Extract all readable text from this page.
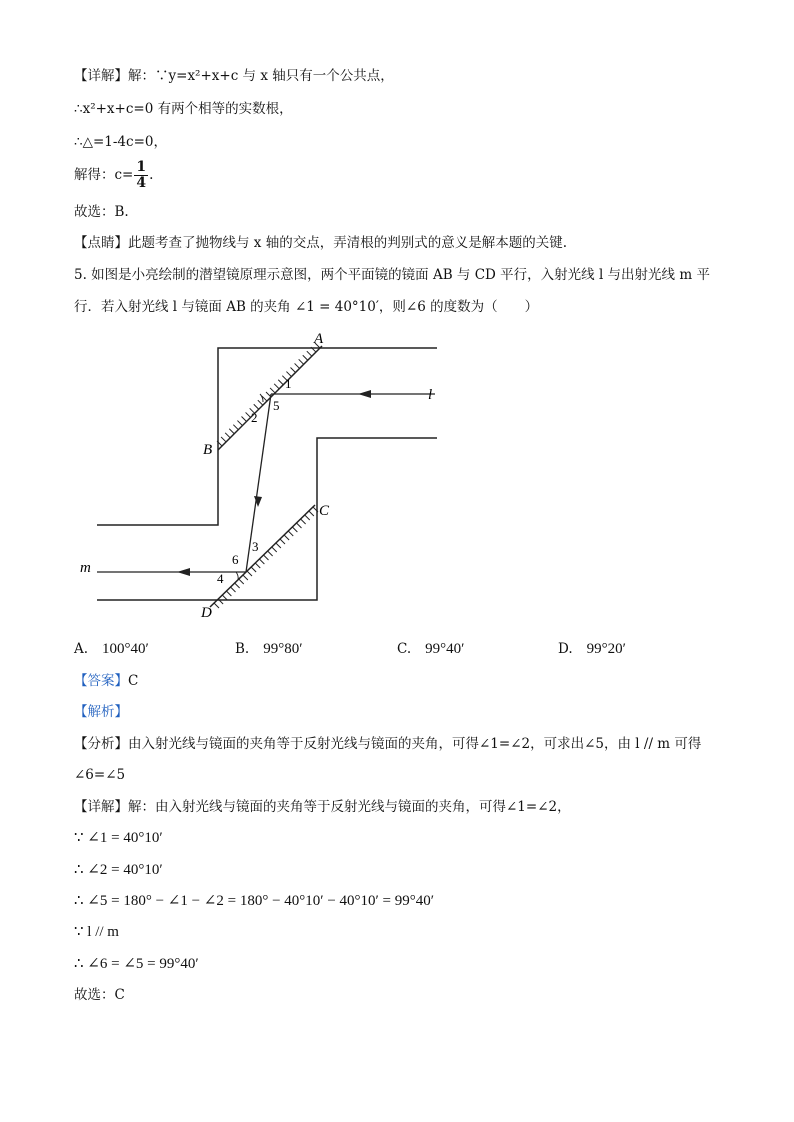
【详解】解：∵y=x²+x+c 与 x 轴只有一个公共点，
∴x²+x+c=0 有两个相等的实数根，
∴△=1-4c=0，
解得：$c= \frac{1}{4}$ .
故选：B.
【点睛】此题考查了抛物线与 x 轴的交点，弄清根的判别式的意义是解本题的关键.
5. 如图是小亮绘制的潜望镜原理示意图，两个平面镜的镜面 AB 与 CD 平行，入射光线 l 与出射光线 m 平
行．若入射光线 l 与镜面 AB 的夹角 ∠1 = 40°10′，则∠6 的度数为（　　）
A
B
C
D
l
m
1
2
3
4
5
6
A. 100°40′	B. 99°80′	C. 99°40′	D. 99°20′
【答案】C
【解析】
【分析】由入射光线与镜面的夹角等于反射光线与镜面的夹角，可得∠1=∠2，可求出∠5，由 l // m 可得
∠6=∠5
【详解】解：由入射光线与镜面的夹角等于反射光线与镜面的夹角，可得∠1=∠2，
∵ ∠1 = 40°10′
∴ ∠2 = 40°10′
∴ ∠5 = 180° − ∠1 − ∠2 = 180° − 40°10′ − 40°10′ = 99°40′
∵ l // m
∴ ∠6 = ∠5 = 99°40′
故选：C
